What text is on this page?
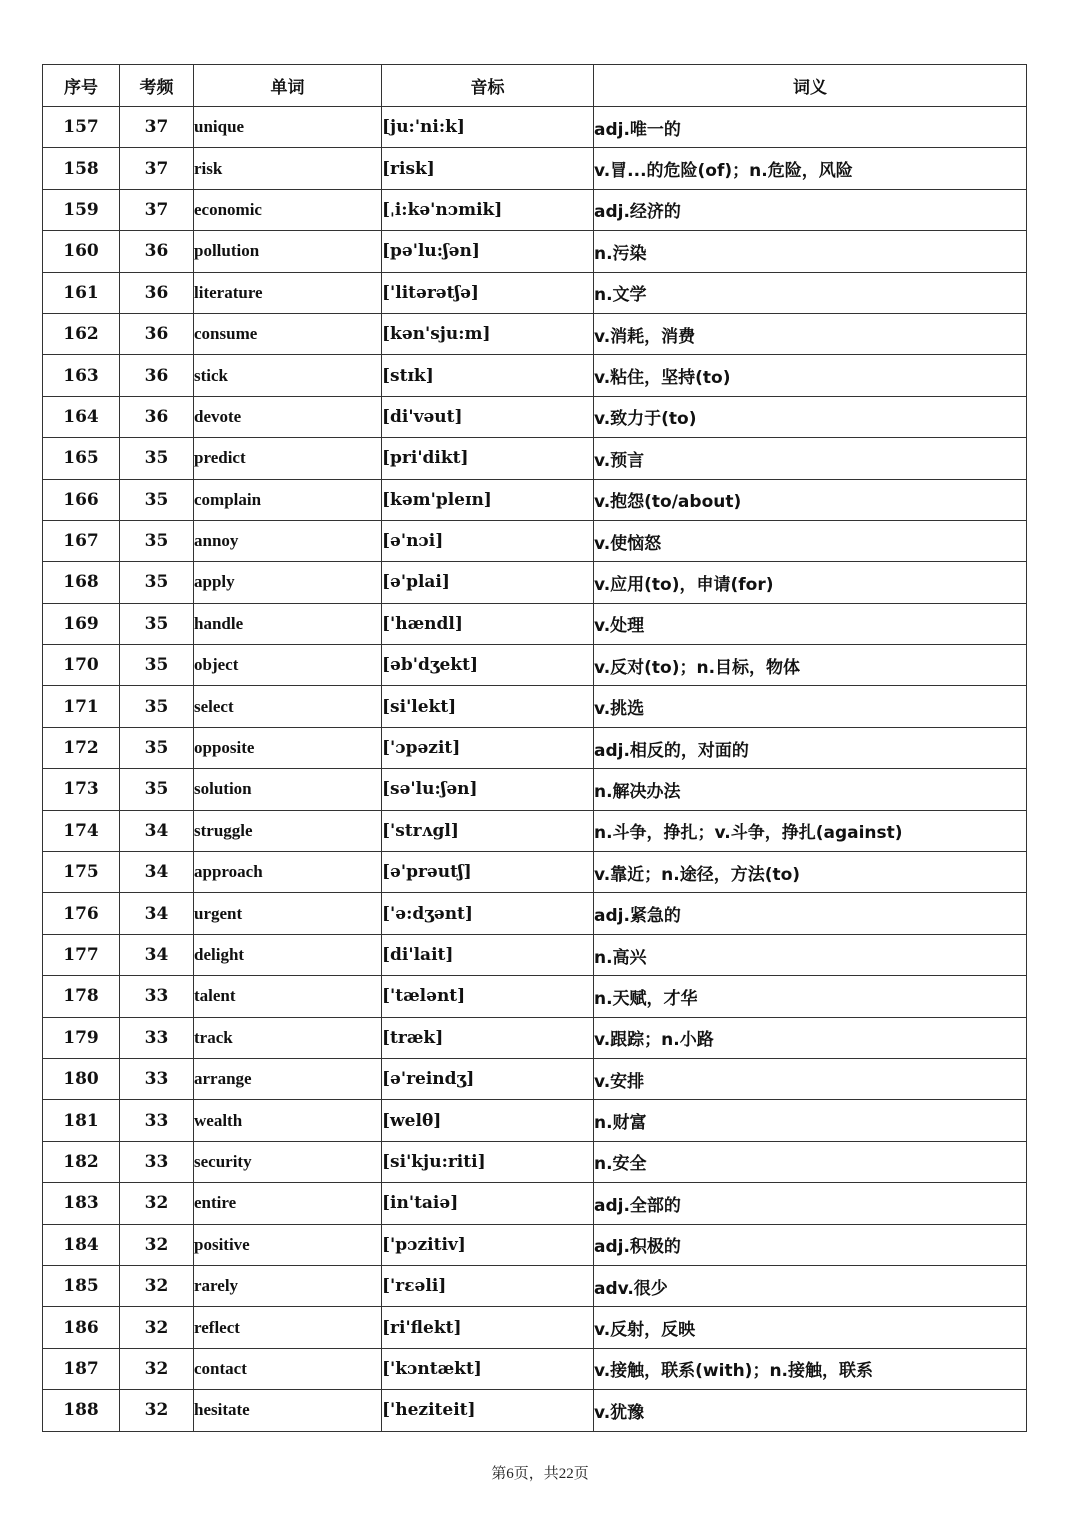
序号	考频	单词	音标	词义
157	37	unique	[ju:'ni:k]	adj.唯一的
158	37	risk	[risk]	v.冒...的危险(of)；n.危险，风险
159	37	economic	[ˌi:kə'nɔmik]	adj.经济的
160	36	pollution	[pə'lu:ʃən]	n.污染
161	36	literature	['litərətʃə]	n.文学
162	36	consume	[kən'sju:m]	v.消耗，消费
163	36	stick	[stɪk]	v.粘住，坚持(to)
164	36	devote	[di'vəut]	v.致力于(to)
165	35	predict	[pri'dikt]	v.预言
166	35	complain	[kəm'pleɪn]	v.抱怨(to/about)
167	35	annoy	[ə'nɔi]	v.使恼怒
168	35	apply	[ə'plai]	v.应用(to)，申请(for)
169	35	handle	['hændl]	v.处理
170	35	object	[əb'dʒekt]	v.反对(to)；n.目标，物体
171	35	select	[si'lekt]	v.挑选
172	35	opposite	['ɔpəzit]	adj.相反的，对面的
173	35	solution	[sə'lu:ʃən]	n.解决办法
174	34	struggle	['strʌgl]	n.斗争，挣扎；v.斗争，挣扎(against)
175	34	approach	[ə'prəutʃ]	v.靠近；n.途径，方法(to)
176	34	urgent	['ə:dʒənt]	adj.紧急的
177	34	delight	[di'lait]	n.高兴
178	33	talent	['tælənt]	n.天赋，才华
179	33	track	[træk]	v.跟踪；n.小路
180	33	arrange	[ə'reindʒ]	v.安排
181	33	wealth	[welθ]	n.财富
182	33	security	[si'kju:riti]	n.安全
183	32	entire	[in'taiə]	adj.全部的
184	32	positive	['pɔzitiv]	adj.积极的
185	32	rarely	['rɛəli]	adv.很少
186	32	reflect	[ri'flekt]	v.反射，反映
187	32	contact	['kɔntækt]	v.接触，联系(with)；n.接触，联系
188	32	hesitate	['heziteit]	v.犹豫
第6页，共22页
